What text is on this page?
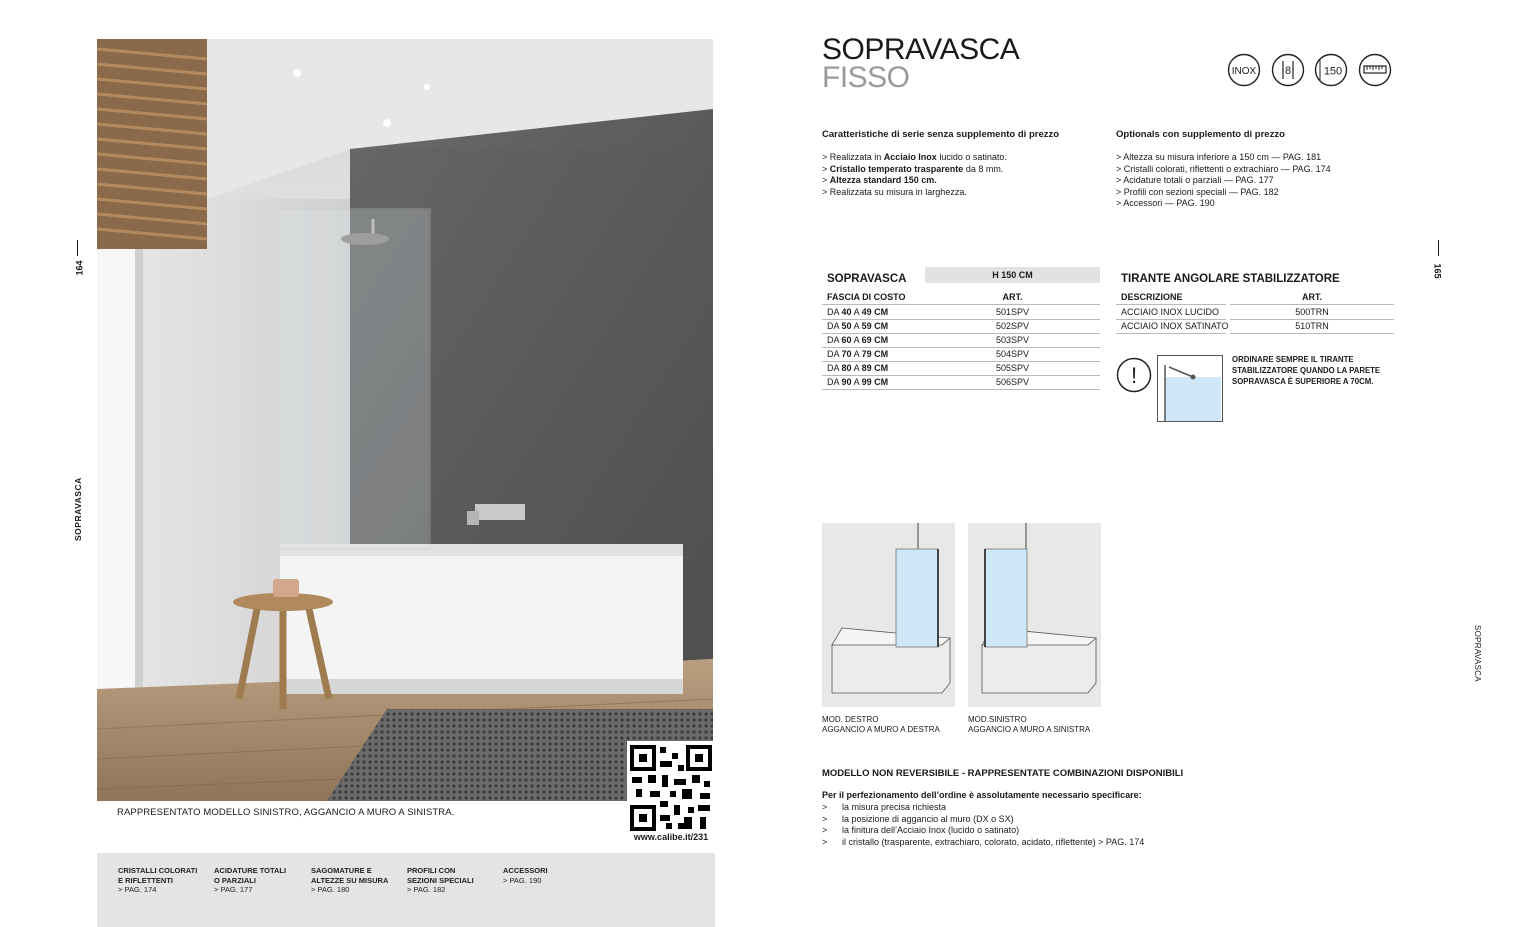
164
SOPRAVASCA
www.calibe.it/231
RAPPRESENTATO MODELLO SINISTRO, AGGANCIO A MURO A SINISTRA.
CRISTALLI COLORATI
E RIFLETTENTI
> PAG. 174
ACIDATURE TOTALI
O PARZIALI
> PAG. 177
SAGOMATURE E
ALTEZZE SU MISURA
> PAG. 180
PROFILI CON
SEZIONI SPECIALI
> PAG. 182
ACCESSORI
> PAG. 190
165
SOPRAVASCA
SOPRAVASCA
FISSO	INOX	8	150
Caratteristiche di serie senza supplemento di prezzo
> Realizzata in Acciaio Inox lucido o satinato.
> Cristallo temperato trasparente da 8 mm.
> Altezza standard 150 cm.
> Realizzata su misura in larghezza.
Optionals con supplemento di prezzo
> Altezza su misura inferiore a 150 cm — PAG. 181
> Cristalli colorati, riflettenti o extrachiaro — PAG. 174
> Acidature totali o parziali — PAG. 177
> Profili con sezioni speciali — PAG. 182
> Accessori — PAG. 190
H 150 CM
SOPRAVASCA
FASCIA DI COSTO	ART.
DA 40 A 49 CM	501SPV
DA 50 A 59 CM	502SPV
DA 60 A 69 CM	503SPV
DA 70 A 79 CM	504SPV
DA 80 A 89 CM	505SPV
DA 90 A 99 CM	506SPV
TIRANTE ANGOLARE STABILIZZATORE
DESCRIZIONE	ART.
ACCIAIO INOX LUCIDO	500TRN
ACCIAIO INOX SATINATO	510TRN
!
ORDINARE SEMPRE IL TIRANTE STABILIZZATORE QUANDO LA PARETE SOPRAVASCA È SUPERIORE A 70CM.
MOD. DESTRO
AGGANCIO A MURO A DESTRA
MOD.SINISTRO
AGGANCIO A MURO A SINISTRA
MODELLO NON REVERSIBILE - RAPPRESENTATE COMBINAZIONI DISPONIBILI
Per il perfezionamento dell’ordine è assolutamente necessario specificare:
> la misura precisa richiesta
> la posizione di aggancio al muro (DX o SX)
> la finitura dell’Acciaio Inox (lucido o satinato)
> il cristallo (trasparente, extrachiaro, colorato, acidato, riflettente) > PAG. 174
